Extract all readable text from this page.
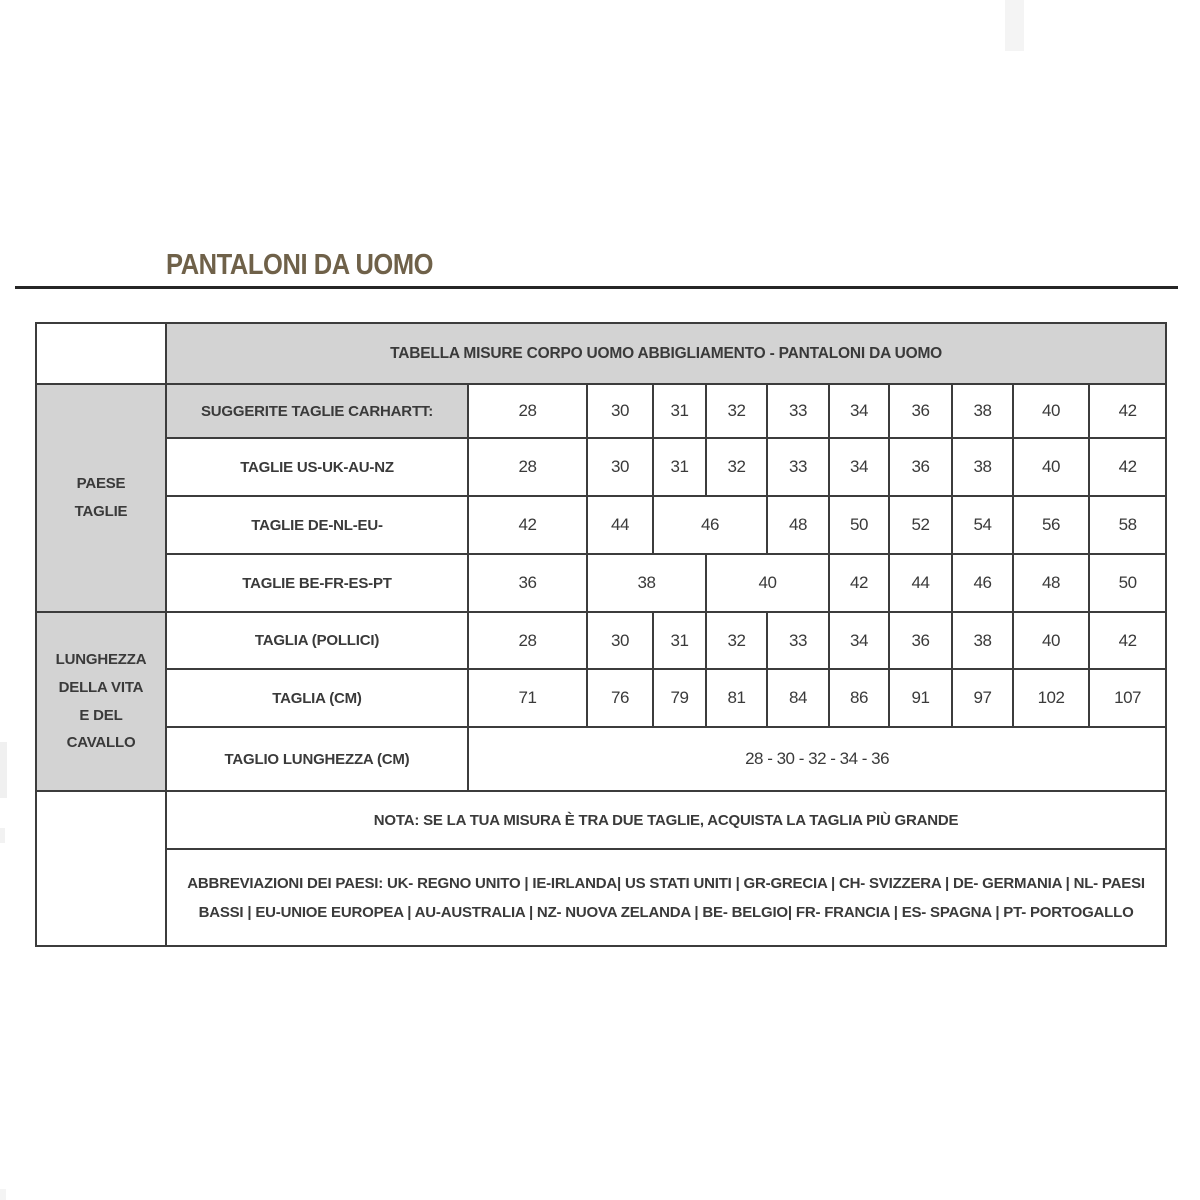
PANTALONI DA UOMO
	TABELLA MISURE CORPO UOMO ABBIGLIAMENTO - PANTALONI DA UOMO										
PAESE TAGLIE	SUGGERITE TAGLIE CARHARTT:	28	30	31	32	33	34	36	38	40	42
	TAGLIE US-UK-AU-NZ	28	30	31	32	33	34	36	38	40	42
	TAGLIE DE-NL-EU-	42	44	46		48	50	52	54	56	58
	TAGLIE BE-FR-ES-PT	36	38		40		42	44	46	48	50
LUNGHEZZA DELLA VITA E DEL CAVALLO	TAGLIA (POLLICI)	28	30	31	32	33	34	36	38	40	42
	TAGLIA (CM)	71	76	79	81	84	86	91	97	102	107
	TAGLIO LUNGHEZZA (CM)	28 - 30 - 32 - 34 - 36									
	NOTA: SE LA TUA MISURA È TRA DUE TAGLIE, ACQUISTA LA TAGLIA PIÙ GRANDE										

	ABBREVIAZIONI DEI PAESI: UK- REGNO UNITO | IE-IRLANDA| US STATI UNITI | GR-GRECIA | CH- SVIZZERA | DE- GERMANIA | NL- PAESI
BASSI | EU-UNIOE EUROPEA | AU-AUSTRALIA | NZ- NUOVA ZELANDA | BE- BELGIO| FR- FRANCIA | ES- SPAGNA | PT- PORTOGALLO										
